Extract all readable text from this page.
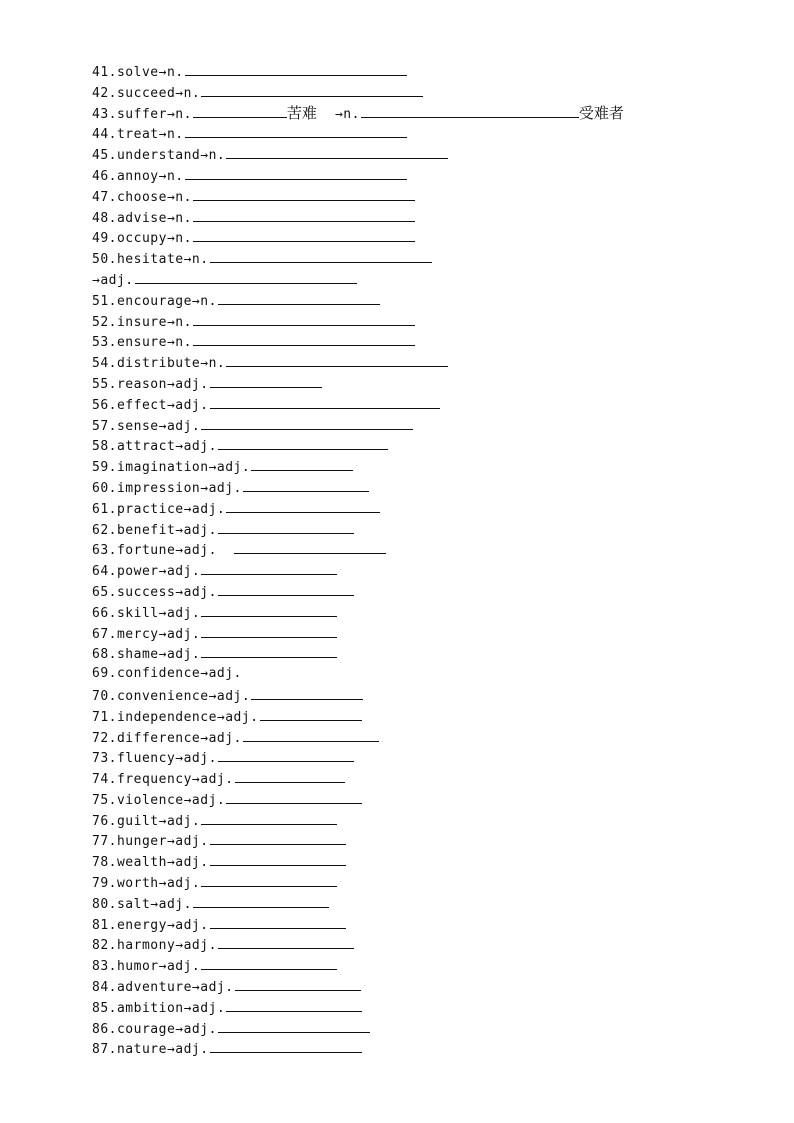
41.solve→n.
42.succeed→n.
43.suffer→n.	苦难 →n.	受难者
44.treat→n.
45.understand→n.
46.annoy→n.
47.choose→n.
48.advise→n.
49.occupy→n.
50.hesitate→n.
→adj.
51.encourage→n.
52.insure→n.
53.ensure→n.
54.distribute→n.
55.reason→adj.
56.effect→adj.
57.sense→adj.
58.attract→adj.
59.imagination→adj.
60.impression→adj.
61.practice→adj.
62.benefit→adj.
63.fortune→adj.
64.power→adj.
65.success→adj.
66.skill→adj.
67.mercy→adj.
68.shame→adj.
69.confidence→adj.
70.convenience→adj.
71.independence→adj.
72.difference→adj.
73.fluency→adj.
74.frequency→adj.
75.violence→adj.
76.guilt→adj.
77.hunger→adj.
78.wealth→adj.
79.worth→adj.
80.salt→adj.
81.energy→adj.
82.harmony→adj.
83.humor→adj.
84.adventure→adj.
85.ambition→adj.
86.courage→adj.
87.nature→adj.
